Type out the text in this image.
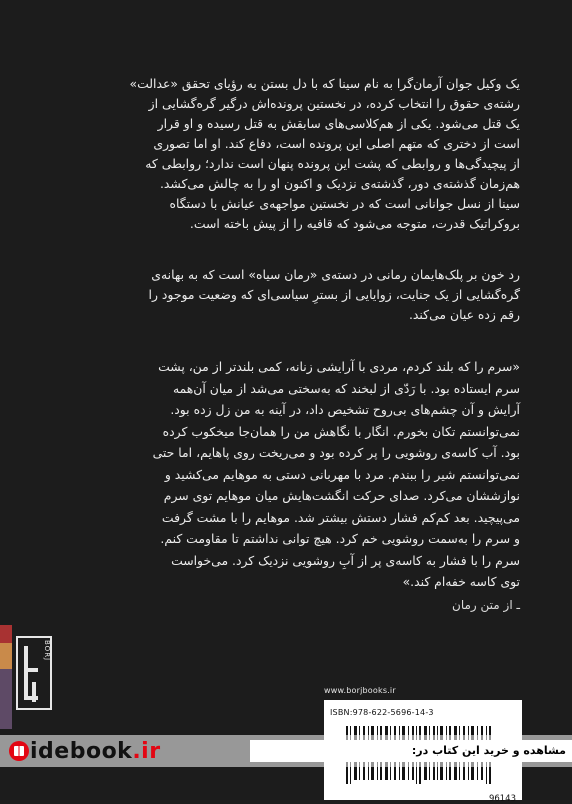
یک وکیل جوان آرمان‌گرا به نام سینا که با دل بستن به رؤیای تحقق «عدالت»

رشته‌ی حقوق را انتخاب کرده، در نخستین پرونده‌اش درگیر گره‌گشایی از

یک قتل می‌شود. یکی از هم‌کلاسی‌های سابقش به قتل رسیده و او قرار

است از دختری که متهم اصلی این پرونده است، دفاع کند. او اما تصوری

از پیچیدگی‌ها و روابطی که پشت این پرونده پنهان است ندارد؛ روابطی که

هم‌زمان گذشته‌ی دور، گذشته‌ی نزدیک و اکنون او را به چالش می‌کشد.

سینا از نسل جوانانی است که در نخستین مواجهه‌ی عیانش با دستگاه

بروکراتیک قدرت، متوجه می‌شود که قافیه را از پیش باخته است.

رد خون بر پلک‌هایمان رمانی در دسته‌ی «رمان سیاه» است که به بهانه‌ی

گره‌گشایی از یک جنایت، زوایایی از بسترِ سیاسی‌ای که وضعیت موجود را

رقم زده عیان می‌کند.

«سرم را که بلند کردم، مردی با آرایشی زنانه، کمی بلندتر از من، پشت

سرم ایستاده بود. با رَدّی از لبخند که به‌سختی می‌شد از میان آن‌همه

آرایش و آن چشم‌های بی‌روح تشخیص داد، در آینه به من زل زده بود.

نمی‌توانستم تکان بخورم. انگار با نگاهش من را همان‌جا میخکوب کرده

بود. آب کاسه‌ی روشویی را پر کرده بود و می‌ریخت روی پاهایم، اما حتی

نمی‌توانستم شیر را ببندم. مرد با مهربانی دستی به موهایم می‌کشید و

نوازششان می‌کرد. صدای حرکت انگشت‌هایش میان موهایم توی سرم

می‌پیچید. بعد کم‌کم فشار دستش بیشتر شد. موهایم را با مشت گرفت

و سرم را به‌سمت روشویی خم کرد. هیچ توانی نداشتم تا مقاومت کنم.

سرم را با فشار به کاسه‌ی پر از آبِ روشویی نزدیک کرد. می‌خواست

توی کاسه خفه‌ام کند.»

ـ از متن رمان
BORJ
www.borjbooks.ir
ISBN:978-622-5696-14-3
96143
idebook .ir	مشاهده و خرید این کتاب در:
